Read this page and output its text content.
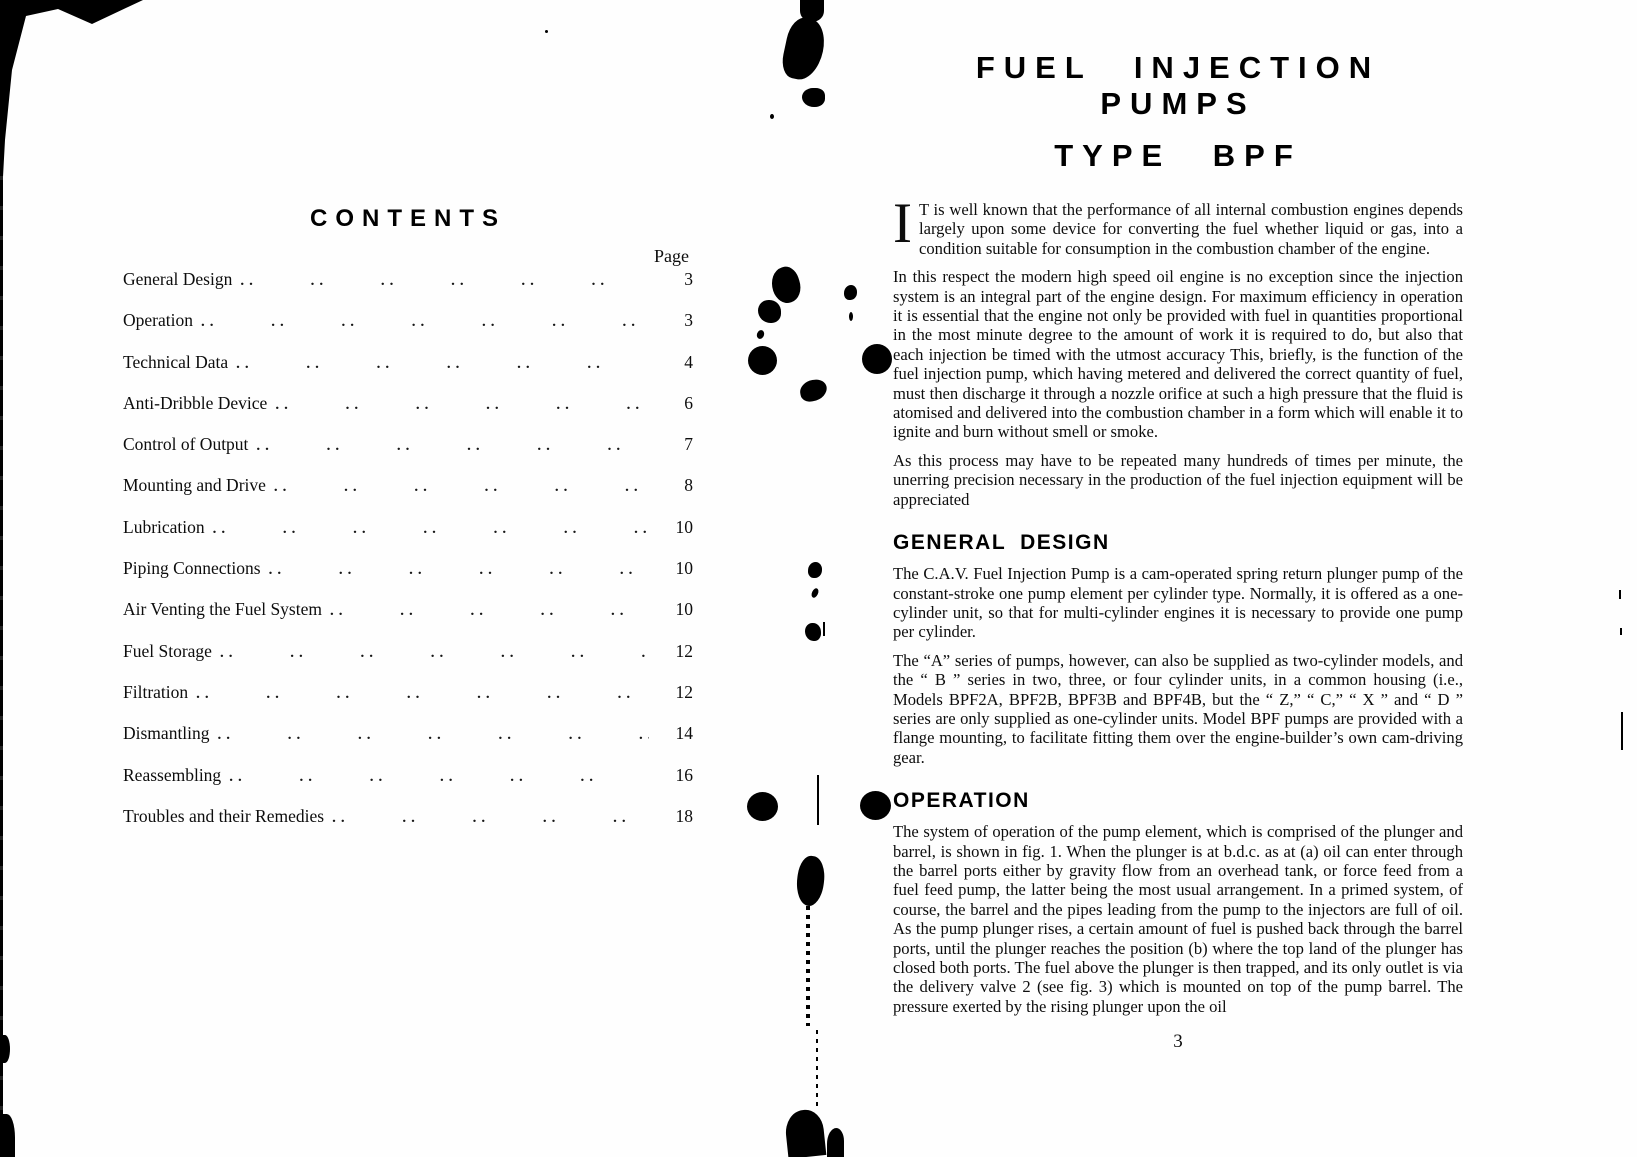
CONTENTS
Page
General Design .. ..	3
Operation .. ..	3
Technical Data .. ..	4
Anti-Dribble Device .. ..	6
Control of Output .. ..	7
Mounting and Drive .. ..	8
Lubrication .. ..	10
Piping Connections .. ..	10
Air Venting the Fuel System .. ..	10
Fuel Storage .. ..	12
Filtration .. ..	12
Dismantling .. ..	14
Reassembling .. ..	16
Troubles and their Remedies .. ..	18
FUEL INJECTION PUMPS
TYPE BPF

I T is well known that the performance of all internal combustion engines depends largely upon some device for converting the fuel whether liquid or gas, into a condition suitable for consumption in the combustion chamber of the engine.

In this respect the modern high speed oil engine is no exception since the injection system is an integral part of the engine design. For maximum efficiency in operation it is essential that the engine not only be provided with fuel in quantities proportional in the most minute degree to the amount of work it is required to do, but also that each injection be timed with the utmost accuracy This, briefly, is the function of the fuel injection pump, which having metered and delivered the correct quantity of fuel, must then discharge it through a nozzle orifice at such a high pressure that the fluid is atomised and delivered into the combustion chamber in a form which will enable it to ignite and burn without smell or smoke.

As this process may have to be repeated many hundreds of times per minute, the unerring precision necessary in the production of the fuel injection equipment will be appreciated

GENERAL DESIGN

The C.A.V. Fuel Injection Pump is a cam-operated spring return plunger pump of the constant-stroke one pump element per cylinder type. Normally, it is offered as a one-cylinder unit, so that for multi-cylinder engines it is necessary to provide one pump per cylinder.

The “A” series of pumps, however, can also be supplied as two-cylinder models, and the “ B ” series in two, three, or four cylinder units, in a common housing (i.e., Models BPF2A, BPF2B, BPF3B and BPF4B, but the “ Z,” “ C,” “ X ” and “ D ” series are only supplied as one-cylinder units. Model BPF pumps are provided with a flange mounting, to facilitate fitting them over the engine-builder’s own cam-driving gear.

OPERATION

The system of operation of the pump element, which is comprised of the plunger and barrel, is shown in fig. 1. When the plunger is at b.d.c. as at (a) oil can enter through the barrel ports either by gravity flow from an overhead tank, or force feed from a fuel feed pump, the latter being the most usual arrangement. In a primed system, of course, the barrel and the pipes leading from the pump to the injectors are full of oil. As the pump plunger rises, a certain amount of fuel is pushed back through the barrel ports, until the plunger reaches the position (b) where the top land of the plunger has closed both ports. The fuel above the plunger is then trapped, and its only outlet is via the delivery valve 2 (see fig. 3) which is mounted on top of the pump barrel. The pressure exerted by the rising plunger upon the oil

3
